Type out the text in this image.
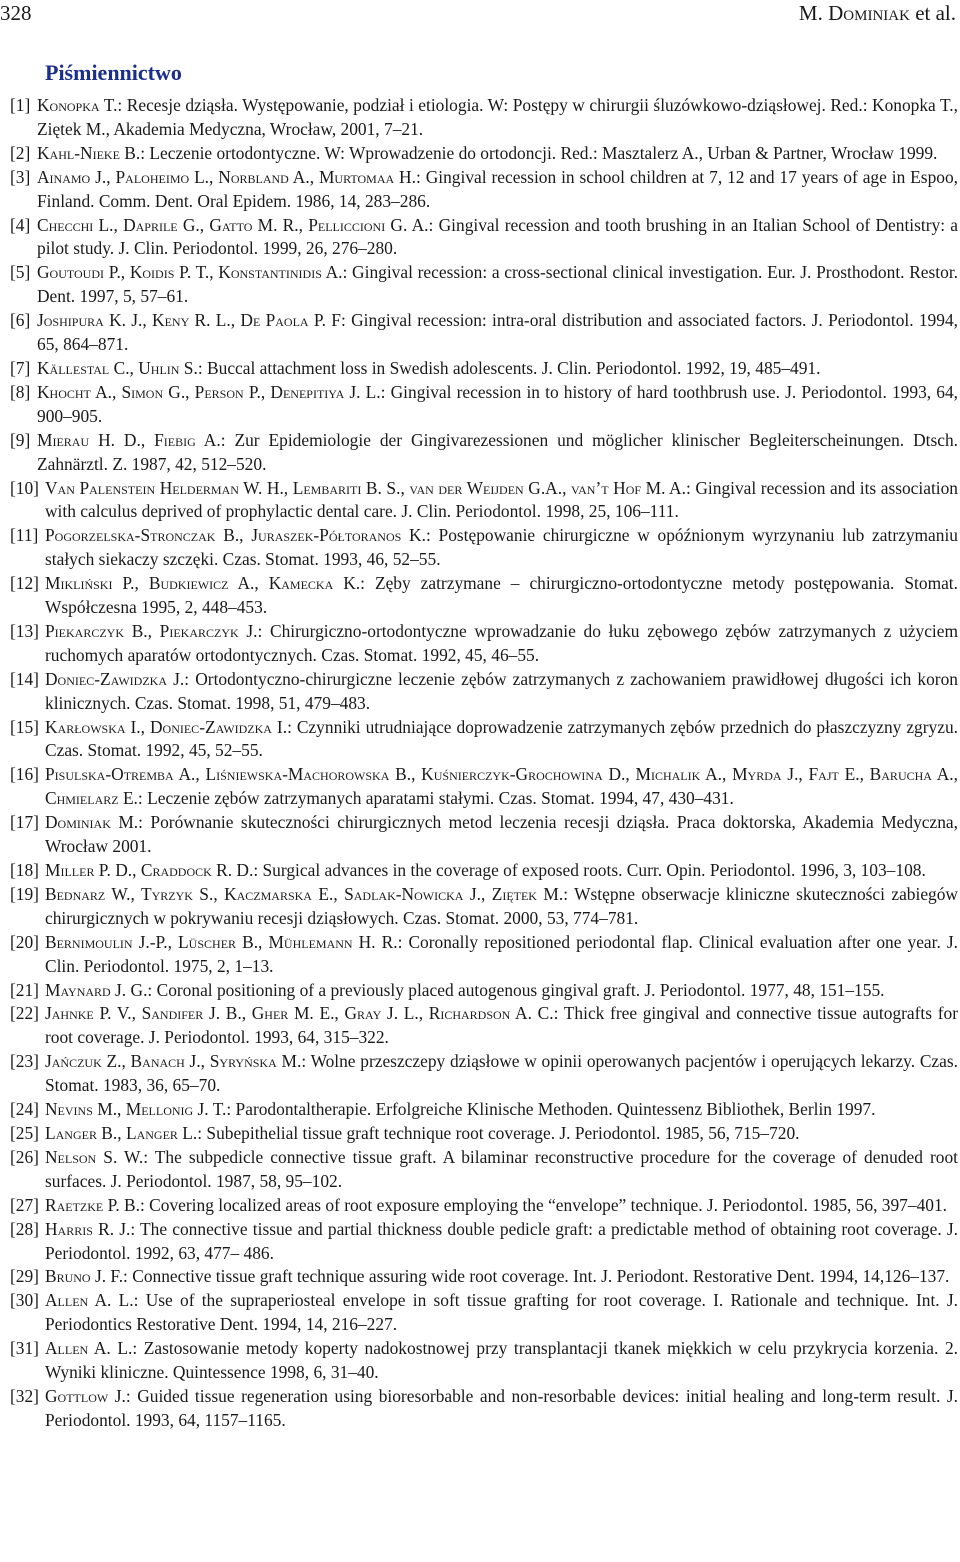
328	M. Dominiak et al.
Piśmiennictwo
[1] Konopka T.: Recesje dziąsła. Występowanie, podział i etiologia. W: Postępy w chirurgii śluzówkowo-dziąsłowej. Red.: Konopka T., Ziętek M., Akademia Medyczna, Wrocław, 2001, 7–21.
[2] Kahl-Nieke B.: Leczenie ortodontyczne. W: Wprowadzenie do ortodoncji. Red.: Masztalerz A., Urban & Partner, Wrocław 1999.
[3] Ainamo J., Paloheimo L., Norbland A., Murtomaa H.: Gingival recession in school children at 7, 12 and 17 years of age in Espoo, Finland. Comm. Dent. Oral Epidem. 1986, 14, 283–286.
[4] Checchi L., Daprile G., Gatto M. R., Pelliccioni G. A.: Gingival recession and tooth brushing in an Italian School of Dentistry: a pilot study. J. Clin. Periodontol. 1999, 26, 276–280.
[5] Goutoudi P., Koidis P. T., Konstantinidis A.: Gingival recession: a cross-sectional clinical investigation. Eur. J. Prosthodont. Restor. Dent. 1997, 5, 57–61.
[6] Joshipura K. J., Keny R. L., De Paola P. F: Gingival recession: intra-oral distribution and associated factors. J. Periodontol. 1994, 65, 864–871.
[7] Källestal C., Uhlin S.: Buccal attachment loss in Swedish adolescents. J. Clin. Periodontol. 1992, 19, 485–491.
[8] Khocht A., Simon G., Person P., Denepitiya J. L.: Gingival recession in to history of hard toothbrush use. J. Periodontol. 1993, 64, 900–905.
[9] Mierau H. D., Fiebig A.: Zur Epidemiologie der Gingivarezessionen und möglicher klinischer Begleiterscheinungen. Dtsch. Zahnärztl. Z. 1987, 42, 512–520.
[10] Van Palenstein Helderman W. H., Lembariti B. S., van der Weijden G.A., van’t Hof M. A.: Gingival recession and its association with calculus deprived of prophylactic dental care. J. Clin. Periodontol. 1998, 25, 106–111.
[11] Pogorzelska-Stronczak B., Juraszek-Półtoranos K.: Postępowanie chirurgiczne w opóźnionym wyrzynaniu lub zatrzymaniu stałych siekaczy szczęki. Czas. Stomat. 1993, 46, 52–55.
[12] Mikliński P., Budkiewicz A., Kamecka K.: Zęby zatrzymane – chirurgiczno-ortodontyczne metody postępowania. Stomat. Współczesna 1995, 2, 448–453.
[13] Piekarczyk B., Piekarczyk J.: Chirurgiczno-ortodontyczne wprowadzanie do łuku zębowego zębów zatrzymanych z użyciem ruchomych aparatów ortodontycznych. Czas. Stomat. 1992, 45, 46–55.
[14] Doniec-Zawidzka J.: Ortodontyczno-chirurgiczne leczenie zębów zatrzymanych z zachowaniem prawidłowej długości ich koron klinicznych. Czas. Stomat. 1998, 51, 479–483.
[15] Karłowska I., Doniec-Zawidzka I.: Czynniki utrudniające doprowadzenie zatrzymanych zębów przednich do płaszczyzny zgryzu. Czas. Stomat. 1992, 45, 52–55.
[16] Pisulska-Otremba A., Liśniewska-Machorowska B., Kuśnierczyk-Grochowina D., Michalik A., Myrda J., Fajt E., Barucha A., Chmielarz E.: Leczenie zębów zatrzymanych aparatami stałymi. Czas. Stomat. 1994, 47, 430–431.
[17] Dominiak M.: Porównanie skuteczności chirurgicznych metod leczenia recesji dziąsła. Praca doktorska, Akademia Medyczna, Wrocław 2001.
[18] Miller P. D., Craddock R. D.: Surgical advances in the coverage of exposed roots. Curr. Opin. Periodontol. 1996, 3, 103–108.
[19] Bednarz W., Tyrzyk S., Kaczmarska E., Sadlak-Nowicka J., Ziętek M.: Wstępne obserwacje kliniczne skuteczności zabiegów chirurgicznych w pokrywaniu recesji dziąsłowych. Czas. Stomat. 2000, 53, 774–781.
[20] Bernimoulin J.-P., Lüscher B., Mühlemann H. R.: Coronally repositioned periodontal flap. Clinical evaluation after one year. J. Clin. Periodontol. 1975, 2, 1–13.
[21] Maynard J. G.: Coronal positioning of a previously placed autogenous gingival graft. J. Periodontol. 1977, 48, 151–155.
[22] Jahnke P. V., Sandifer J. B., Gher M. E., Gray J. L., Richardson A. C.: Thick free gingival and connective tissue autografts for root coverage. J. Periodontol. 1993, 64, 315–322.
[23] Jańczuk Z., Banach J., Syryńska M.: Wolne przeszczepy dziąsłowe w opinii operowanych pacjentów i operujących lekarzy. Czas. Stomat. 1983, 36, 65–70.
[24] Nevins M., Mellonig J. T.: Parodontaltherapie. Erfolgreiche Klinische Methoden. Quintessenz Bibliothek, Berlin 1997.
[25] Langer B., Langer L.: Subepithelial tissue graft technique root coverage. J. Periodontol. 1985, 56, 715–720.
[26] Nelson S. W.: The subpedicle connective tissue graft. A bilaminar reconstructive procedure for the coverage of denuded root surfaces. J. Periodontol. 1987, 58, 95–102.
[27] Raetzke P. B.: Covering localized areas of root exposure employing the “envelope” technique. J. Periodontol. 1985, 56, 397–401.
[28] Harris R. J.: The connective tissue and partial thickness double pedicle graft: a predictable method of obtaining root coverage. J. Periodontol. 1992, 63, 477– 486.
[29] Bruno J. F.: Connective tissue graft technique assuring wide root coverage. Int. J. Periodont. Restorative Dent. 1994, 14,126–137.
[30] Allen A. L.: Use of the supraperiosteal envelope in soft tissue grafting for root coverage. I. Rationale and technique. Int. J. Periodontics Restorative Dent. 1994, 14, 216–227.
[31] Allen A. L.: Zastosowanie metody koperty nadokostnowej przy transplantacji tkanek miękkich w celu przykrycia korzenia. 2. Wyniki kliniczne. Quintessence 1998, 6, 31–40.
[32] Gottlow J.: Guided tissue regeneration using bioresorbable and non-resorbable devices: initial healing and long-term result. J. Periodontol. 1993, 64, 1157–1165.
